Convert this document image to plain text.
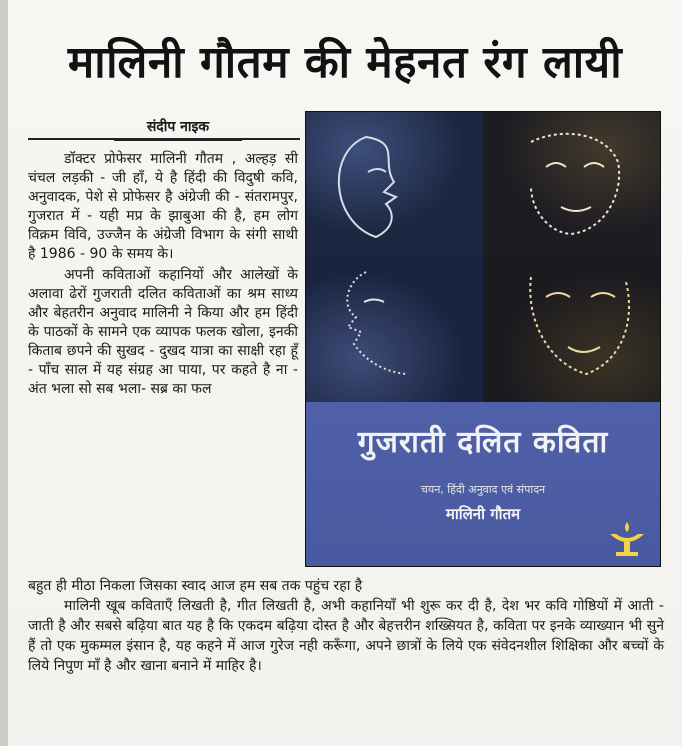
मालिनी गौतम की मेहनत रंग लायी
संदीप नाइक

डॉक्टर प्रोफेसर मालिनी गौतम , अल्हड़ सी चंचल लड़की - जी हाँ, ये है हिंदी की विदुषी कवि, अनुवादक, पेशे से प्रोफेसर है अंग्रेजी की - संतरामपुर, गुजरात में - यही मप्र के झाबुआ की है, हम लोग विक्रम विवि, उज्जैन के अंग्रेजी विभाग के संगी साथी है 1986 - 90 के समय के।

अपनी कविताओं कहानियों और आलेखों के अलावा ढेरों गुजराती दलित कविताओं का श्रम साध्य और बेहतरीन अनुवाद मालिनी ने किया और हम हिंदी के पाठकों के सामने एक व्यापक फलक खोला, इनकी किताब छपने की सुखद - दुखद यात्रा का साक्षी रहा हूँ - पाँच साल में यह संग्रह आ पाया, पर कहते है ना - अंत भला सो सब भला- सब्र का फल

गुजराती दलित कविता
चयन, हिंदी अनुवाद एवं संपादन
मालिनी गौतम

बहुत ही मीठा निकला जिसका स्वाद आज हम सब तक पहुंच रहा है

मालिनी खूब कविताएँ लिखती है, गीत लिखती है, अभी कहानियाँ भी शुरू कर दी है, देश भर कवि गोष्ठियों में आती - जाती है और सबसे बढ़िया बात यह है कि एकदम बढ़िया दोस्त है और बेहत्तरीन शख्सियत है, कविता पर इनके व्याख्यान भी सुने हैं तो एक मुकम्मल इंसान है, यह कहने में आज गुरेज नही करूँगा, अपने छात्रों के लिये एक संवेदनशील शिक्षिका और बच्चों के लिये निपुण माँ है और खाना बनाने में माहिर है।
